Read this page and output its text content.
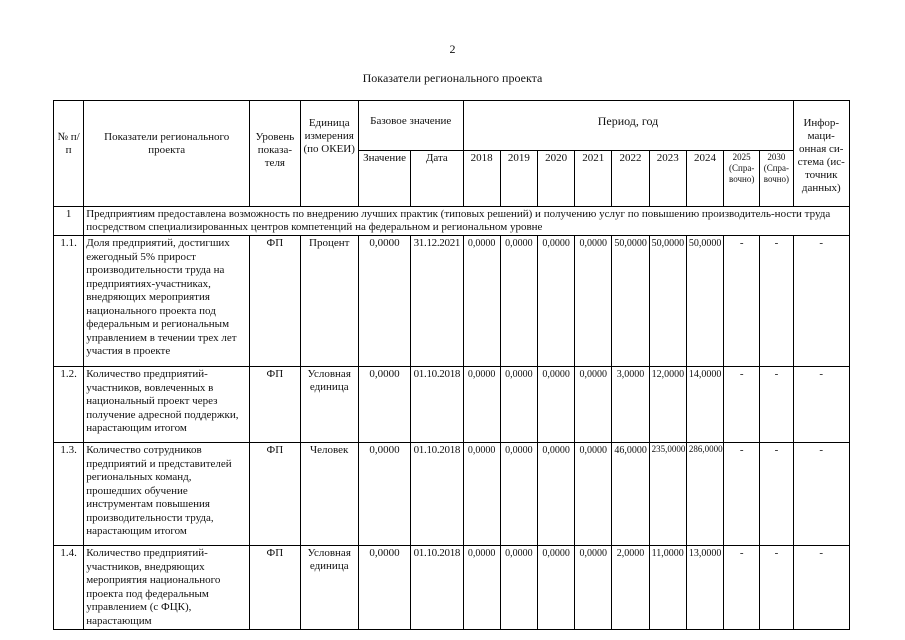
2
Показатели регионального проекта
№ п/п	Показатели регионального проекта	Уровень показа-теля	Единица измерения (по ОКЕИ)	Базовое значение		Период, год									Инфор-маци-онная си-стема (ис-точник данных)
				Значение	Дата	2018	2019	2020	2021	2022	2023	2024	2025 (Спра-вочно)	2030 (Спра-вочно)	
1	Предприятиям предоставлена возможность по внедрению лучших практик (типовых решений) и получению услуг по повышению производитель-ности труда посредством специализированных центров компетенций на федеральном и региональном уровне														
1.1.	Доля предприятий, достигших ежегодный 5% прирост производительности труда на предприятиях-участниках, внедряющих мероприятия национального проекта под федеральным и региональным управлением в течении трех лет участия в проекте	ФП	Процент	0,0000	31.12.2021	0,0000	0,0000	0,0000	0,0000	50,0000	50,0000	50,0000	-	-	-
1.2.	Количество предприятий-участников, вовлеченных в национальный проект через получение адресной поддержки, нарастающим итогом	ФП	Условная единица	0,0000	01.10.2018	0,0000	0,0000	0,0000	0,0000	3,0000	12,0000	14,0000	-	-	-
1.3.	Количество сотрудников предприятий и представителей региональных команд, прошедших обучение инструментам повышения производительности труда, нарастающим итогом	ФП	Человек	0,0000	01.10.2018	0,0000	0,0000	0,0000	0,0000	46,0000	235,0000	286,0000	-	-	-
1.4.	Количество предприятий-участников, внедряющих мероприятия национального проекта под федеральным управлением (с ФЦК), нарастающим	ФП	Условная единица	0,0000	01.10.2018	0,0000	0,0000	0,0000	0,0000	2,0000	11,0000	13,0000	-	-	-
